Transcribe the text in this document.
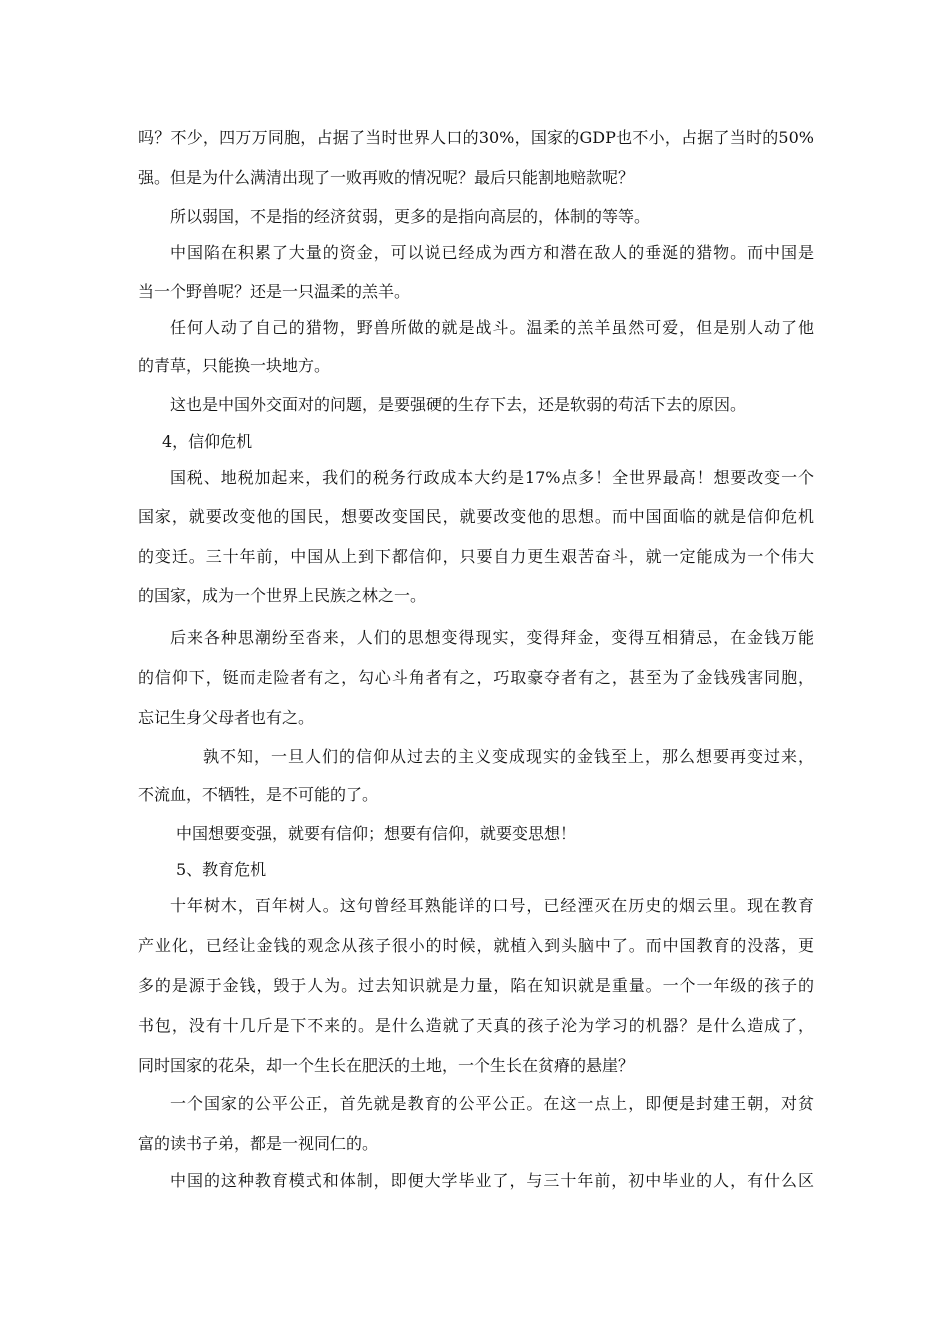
吗？不少，四万万同胞，占据了当时世界人口的30%，国家的GDP也不小，占据了当时的50%
强。但是为什么满清出现了一败再败的情况呢？最后只能割地赔款呢？
所以弱国，不是指的经济贫弱，更多的是指向高层的，体制的等等。
中国陷在积累了大量的资金，可以说已经成为西方和潜在敌人的垂涎的猎物。而中国是
当一个野兽呢？还是一只温柔的羔羊。
任何人动了自己的猎物，野兽所做的就是战斗。温柔的羔羊虽然可爱，但是别人动了他
的青草，只能换一块地方。
这也是中国外交面对的问题，是要强硬的生存下去，还是软弱的苟活下去的原因。
4，信仰危机
国税、地税加起来，我们的税务行政成本大约是17%点多！全世界最高！想要改变一个
国家，就要改变他的国民，想要改变国民，就要改变他的思想。而中国面临的就是信仰危机
的变迁。三十年前，中国从上到下都信仰，只要自力更生艰苦奋斗，就一定能成为一个伟大
的国家，成为一个世界上民族之林之一。
后来各种思潮纷至沓来，人们的思想变得现实，变得拜金，变得互相猜忌，在金钱万能
的信仰下，铤而走险者有之，勾心斗角者有之，巧取豪夺者有之，甚至为了金钱残害同胞，
忘记生身父母者也有之。
孰不知，一旦人们的信仰从过去的主义变成现实的金钱至上，那么想要再变过来，
不流血，不牺牲，是不可能的了。
中国想要变强，就要有信仰；想要有信仰，就要变思想！
5、教育危机
十年树木，百年树人。这句曾经耳熟能详的口号，已经湮灭在历史的烟云里。现在教育
产业化，已经让金钱的观念从孩子很小的时候，就植入到头脑中了。而中国教育的没落，更
多的是源于金钱，毁于人为。过去知识就是力量，陷在知识就是重量。一个一年级的孩子的
书包，没有十几斤是下不来的。是什么造就了天真的孩子沦为学习的机器？是什么造成了，
同时国家的花朵，却一个生长在肥沃的土地，一个生长在贫瘠的悬崖？
一个国家的公平公正，首先就是教育的公平公正。在这一点上，即便是封建王朝，对贫
富的读书子弟，都是一视同仁的。
中国的这种教育模式和体制，即便大学毕业了，与三十年前，初中毕业的人，有什么区
